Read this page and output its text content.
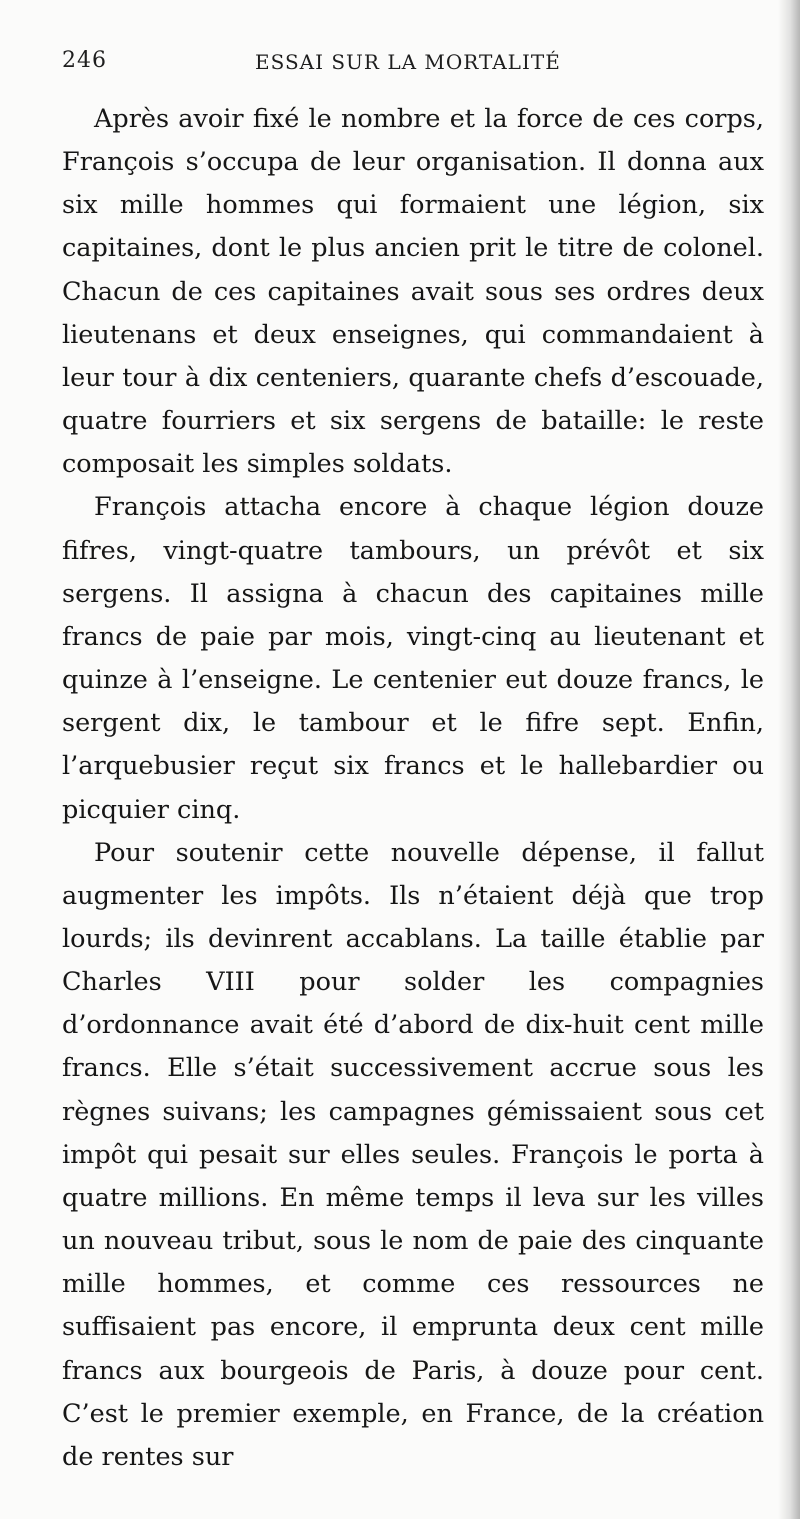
246	ESSAI SUR LA MORTALITÉ

Après avoir fixé le nombre et la force de ces corps, François s’occupa de leur organisation. Il donna aux six mille hommes qui formaient une légion, six capitaines, dont le plus ancien prit le titre de colonel. Chacun de ces capitaines avait sous ses ordres deux lieutenans et deux enseignes, qui commandaient à leur tour à dix centeniers, quarante chefs d’escouade, quatre fourriers et six sergens de bataille: le reste composait les simples soldats.

François attacha encore à chaque légion douze fifres, vingt-quatre tambours, un prévôt et six sergens. Il assigna à chacun des capitaines mille francs de paie par mois, vingt-cinq au lieutenant et quinze à l’enseigne. Le centenier eut douze francs, le sergent dix, le tambour et le fifre sept. Enfin, l’arquebusier reçut six francs et le hallebardier ou picquier cinq.

Pour soutenir cette nouvelle dépense, il fallut augmenter les impôts. Ils n’étaient déjà que trop lourds; ils devinrent accablans. La taille établie par Charles VIII pour solder les compagnies d’ordonnance avait été d’abord de dix-huit cent mille francs. Elle s’était successivement accrue sous les règnes suivans; les campagnes gémissaient sous cet impôt qui pesait sur elles seules. François le porta à quatre millions. En même temps il leva sur les villes un nouveau tribut, sous le nom de paie des cinquante mille hommes, et comme ces ressources ne suffisaient pas encore, il emprunta deux cent mille francs aux bourgeois de Paris, à douze pour cent. C’est le premier exemple, en France, de la création de rentes sur
